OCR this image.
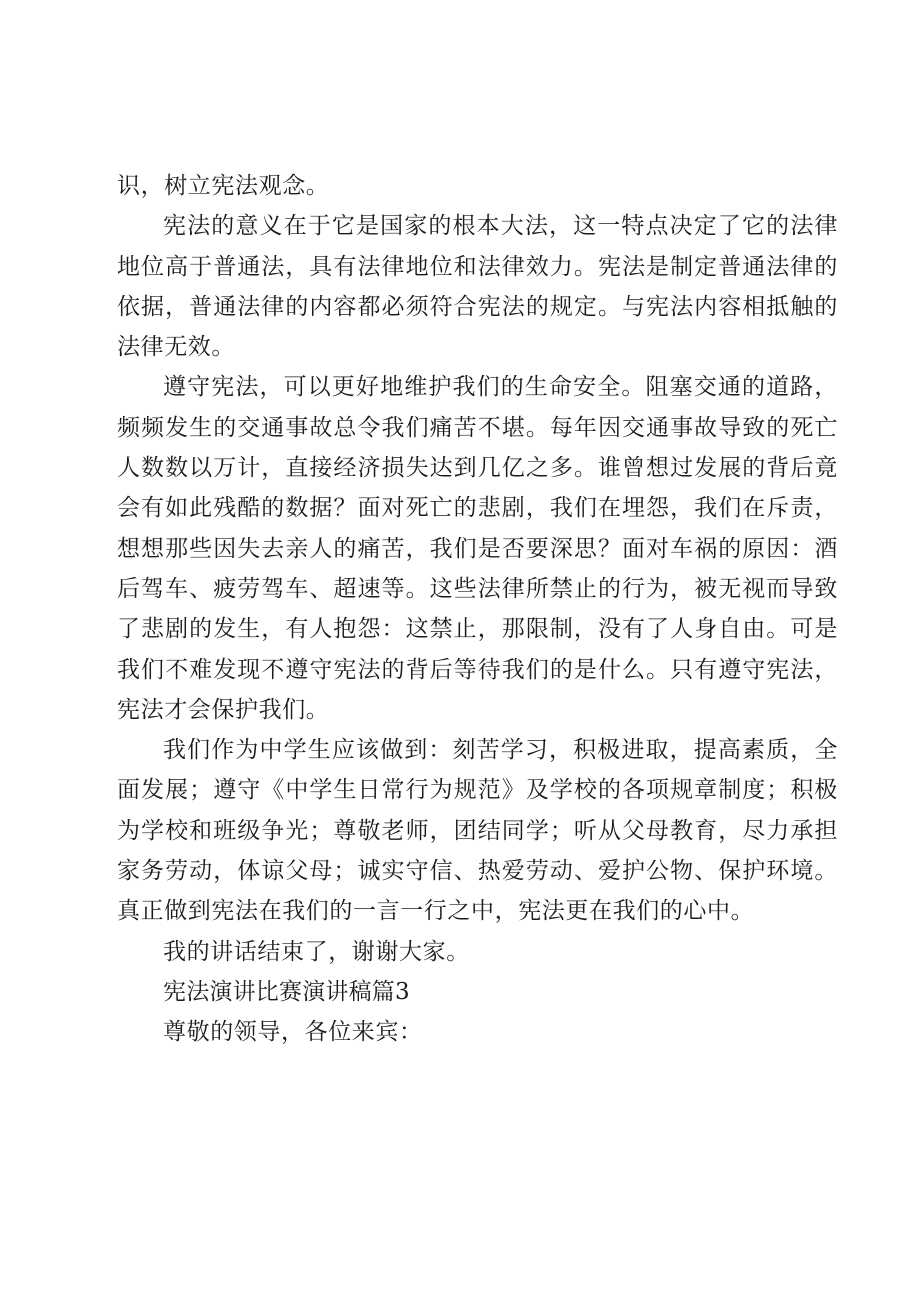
识，树立宪法观念。

宪法的意义在于它是国家的根本大法，这一特点决定了它的法律地位高于普通法，具有法律地位和法律效力。宪法是制定普通法律的依据，普通法律的内容都必须符合宪法的规定。与宪法内容相抵触的法律无效。

遵守宪法，可以更好地维护我们的生命安全。阻塞交通的道路，频频发生的交通事故总令我们痛苦不堪。每年因交通事故导致的死亡人数数以万计，直接经济损失达到几亿之多。谁曾想过发展的背后竟会有如此残酷的数据？面对死亡的悲剧，我们在埋怨，我们在斥责，想想那些因失去亲人的痛苦，我们是否要深思？面对车祸的原因：酒后驾车、疲劳驾车、超速等。这些法律所禁止的行为，被无视而导致了悲剧的发生，有人抱怨：这禁止，那限制，没有了人身自由。可是我们不难发现不遵守宪法的背后等待我们的是什么。只有遵守宪法，宪法才会保护我们。

我们作为中学生应该做到：刻苦学习，积极进取，提高素质，全面发展；遵守《中学生日常行为规范》及学校的各项规章制度；积极为学校和班级争光；尊敬老师，团结同学；听从父母教育，尽力承担家务劳动，体谅父母；诚实守信、热爱劳动、爱护公物、保护环境。真正做到宪法在我们的一言一行之中，宪法更在我们的心中。

我的讲话结束了，谢谢大家。

宪法演讲比赛演讲稿篇3

尊敬的领导，各位来宾：
